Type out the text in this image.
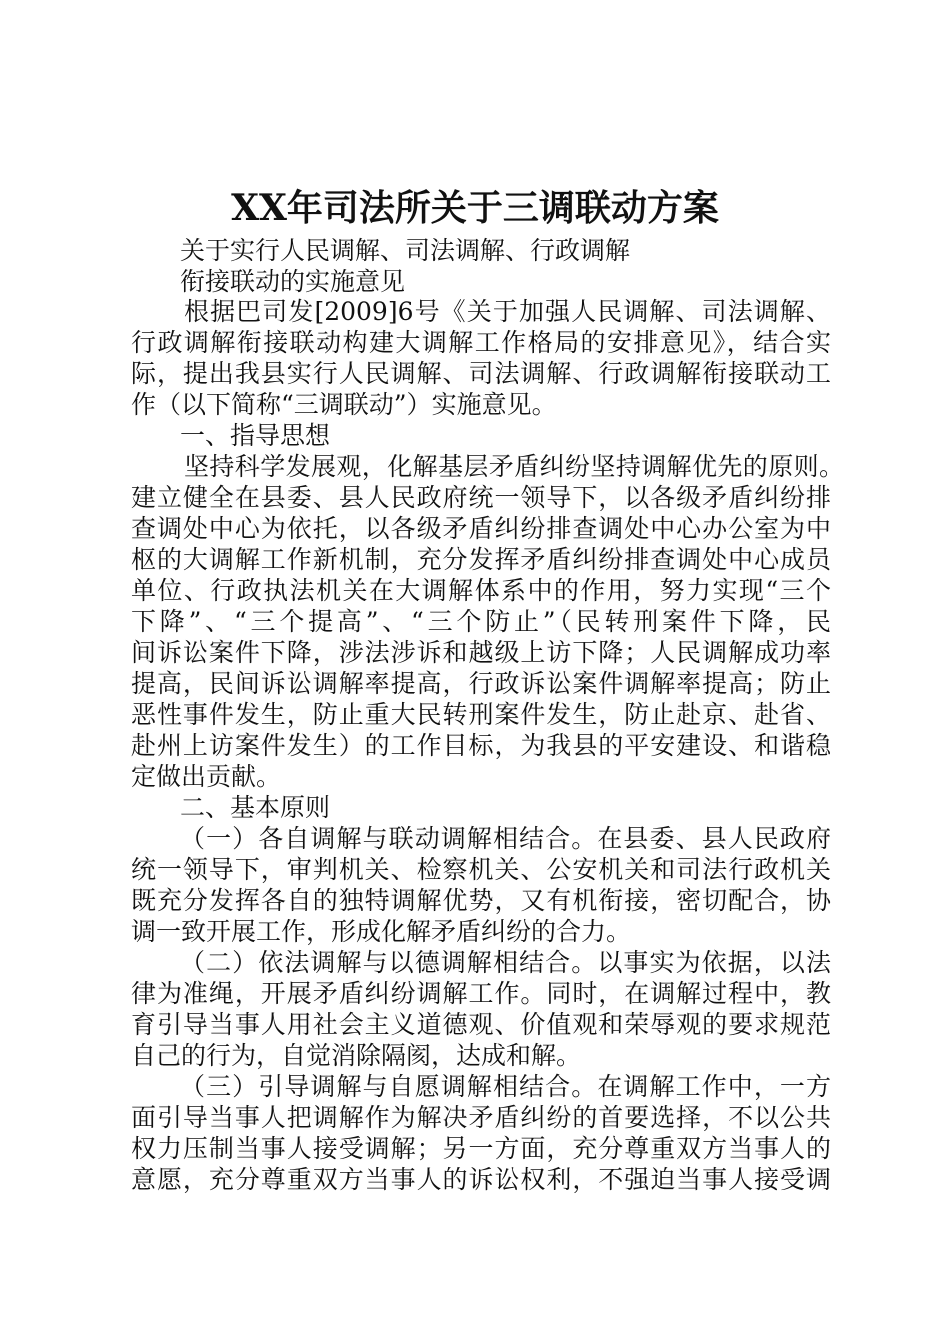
XX年司法所关于三调联动方案
关于实行人民调解、司法调解、行政调解
衔接联动的实施意见
根据巴司发[2009]6号《关于加强人民调解、司法调解、
行政调解衔接联动构建大调解工作格局的安排意见》，结合实
际，提出我县实行人民调解、司法调解、行政调解衔接联动工
作（以下简称“三调联动”）实施意见。
一、指导思想
坚持科学发展观，化解基层矛盾纠纷坚持调解优先的原则。
建立健全在县委、县人民政府统一领导下，以各级矛盾纠纷排
查调处中心为依托，以各级矛盾纠纷排查调处中心办公室为中
枢的大调解工作新机制，充分发挥矛盾纠纷排查调处中心成员
单位、行政执法机关在大调解体系中的作用，努力实现“三个
下降”、“三个提高”、“三个防止”（民转刑案件下降，民
间诉讼案件下降，涉法涉诉和越级上访下降；人民调解成功率
提高，民间诉讼调解率提高，行政诉讼案件调解率提高；防止
恶性事件发生，防止重大民转刑案件发生，防止赴京、赴省、
赴州上访案件发生）的工作目标，为我县的平安建设、和谐稳
定做出贡献。
二、基本原则
（一）各自调解与联动调解相结合。在县委、县人民政府
统一领导下，审判机关、检察机关、公安机关和司法行政机关
既充分发挥各自的独特调解优势，又有机衔接，密切配合，协
调一致开展工作，形成化解矛盾纠纷的合力。
（二）依法调解与以德调解相结合。以事实为依据，以法
律为准绳，开展矛盾纠纷调解工作。同时，在调解过程中，教
育引导当事人用社会主义道德观、价值观和荣辱观的要求规范
自己的行为，自觉消除隔阂，达成和解。
（三）引导调解与自愿调解相结合。在调解工作中，一方
面引导当事人把调解作为解决矛盾纠纷的首要选择，不以公共
权力压制当事人接受调解；另一方面，充分尊重双方当事人的
意愿，充分尊重双方当事人的诉讼权利，不强迫当事人接受调
